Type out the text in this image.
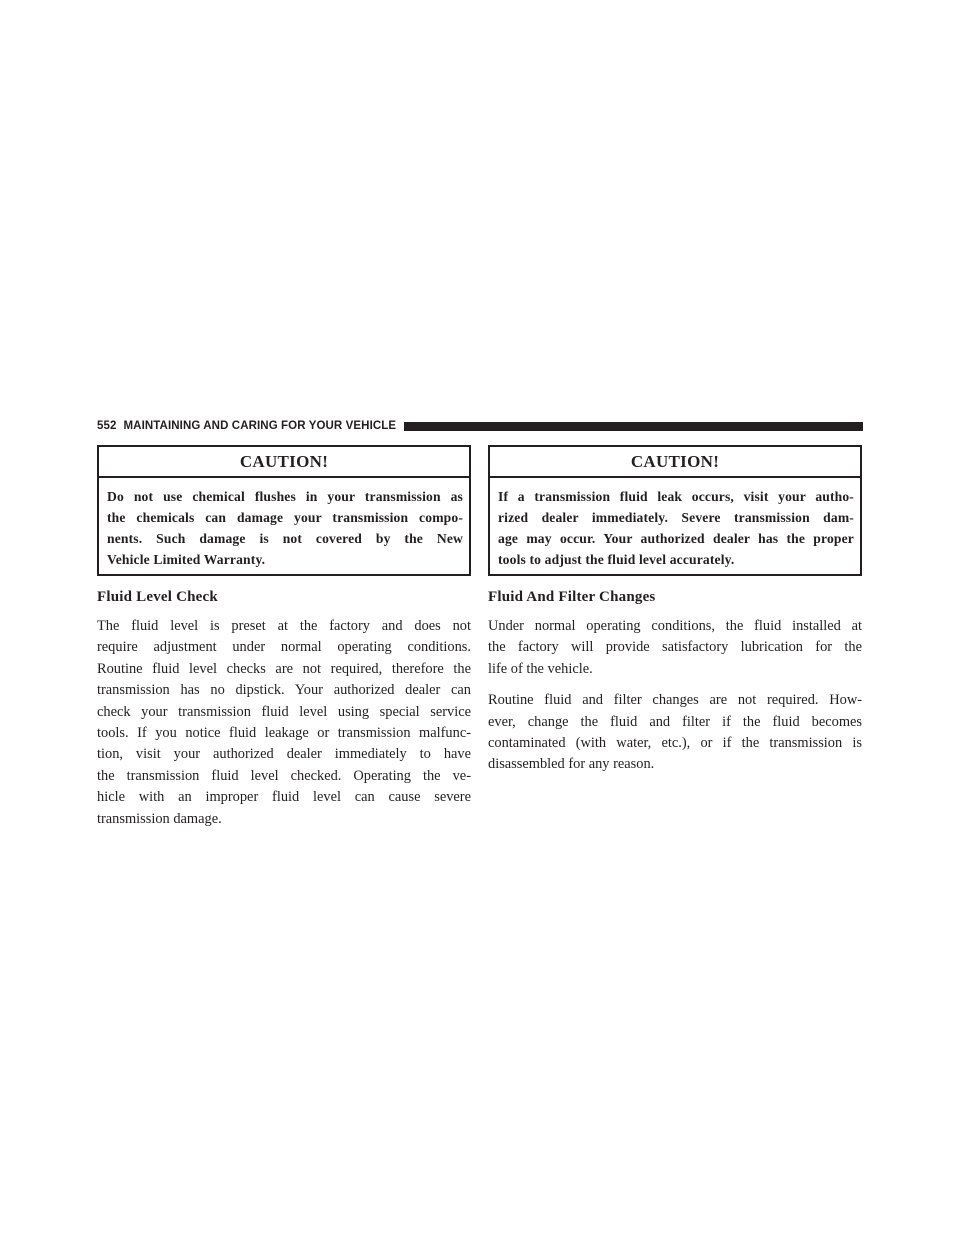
552 MAINTAINING AND CARING FOR YOUR VEHICLE
CAUTION!
Do not use chemical flushes in your transmission as
the chemicals can damage your transmission compo-
nents. Such damage is not covered by the New
Vehicle Limited Warranty.
Fluid Level Check
The fluid level is preset at the factory and does not
require adjustment under normal operating conditions.
Routine fluid level checks are not required, therefore the
transmission has no dipstick. Your authorized dealer can
check your transmission fluid level using special service
tools. If you notice fluid leakage or transmission malfunc-
tion, visit your authorized dealer immediately to have
the transmission fluid level checked. Operating the ve-
hicle with an improper fluid level can cause severe
transmission damage.
CAUTION!
If a transmission fluid leak occurs, visit your autho-
rized dealer immediately. Severe transmission dam-
age may occur. Your authorized dealer has the proper
tools to adjust the fluid level accurately.
Fluid And Filter Changes
Under normal operating conditions, the fluid installed at
the factory will provide satisfactory lubrication for the
life of the vehicle.
Routine fluid and filter changes are not required. How-
ever, change the fluid and filter if the fluid becomes
contaminated (with water, etc.), or if the transmission is
disassembled for any reason.
